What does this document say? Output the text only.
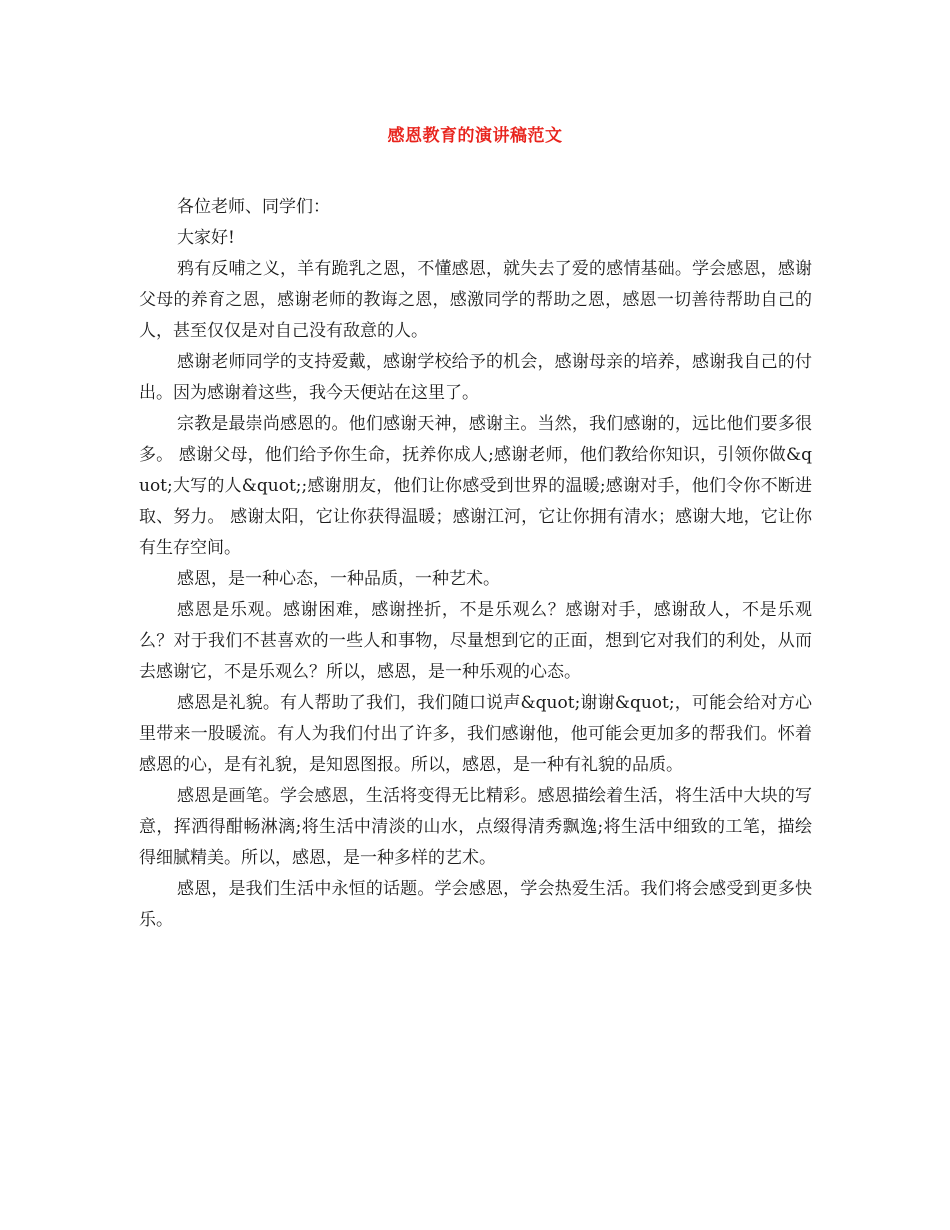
感恩教育的演讲稿范文

各位老师、同学们：

大家好!

鸦有反哺之义，羊有跪乳之恩，不懂感恩，就失去了爱的感情基础。学会感恩，感谢父母的养育之恩，感谢老师的教诲之恩，感激同学的帮助之恩，感恩一切善待帮助自己的人，甚至仅仅是对自己没有敌意的人。

感谢老师同学的支持爱戴，感谢学校给予的机会，感谢母亲的培养，感谢我自己的付出。因为感谢着这些，我今天便站在这里了。

宗教是最崇尚感恩的。他们感谢天神，感谢主。当然，我们感谢的，远比他们要多很多。 感谢父母，他们给予你生命，抚养你成人;感谢老师，他们教给你知识，引领你做&quot;大写的人&quot;;感谢朋友，他们让你感受到世界的温暖;感谢对手，他们令你不断进取、努力。 感谢太阳，它让你获得温暖；感谢江河，它让你拥有清水；感谢大地，它让你有生存空间。

感恩，是一种心态，一种品质，一种艺术。

感恩是乐观。感谢困难，感谢挫折，不是乐观么？感谢对手，感谢敌人，不是乐观么？对于我们不甚喜欢的一些人和事物，尽量想到它的正面，想到它对我们的利处，从而去感谢它，不是乐观么？所以，感恩，是一种乐观的心态。

感恩是礼貌。有人帮助了我们，我们随口说声&quot;谢谢&quot;，可能会给对方心里带来一股暖流。有人为我们付出了许多，我们感谢他，他可能会更加多的帮我们。怀着感恩的心，是有礼貌，是知恩图报。所以，感恩，是一种有礼貌的品质。

感恩是画笔。学会感恩，生活将变得无比精彩。感恩描绘着生活，将生活中大块的写意，挥洒得酣畅淋漓;将生活中清淡的山水，点缀得清秀飘逸;将生活中细致的工笔，描绘得细腻精美。所以，感恩，是一种多样的艺术。

感恩，是我们生活中永恒的话题。学会感恩，学会热爱生活。我们将会感受到更多快乐。
